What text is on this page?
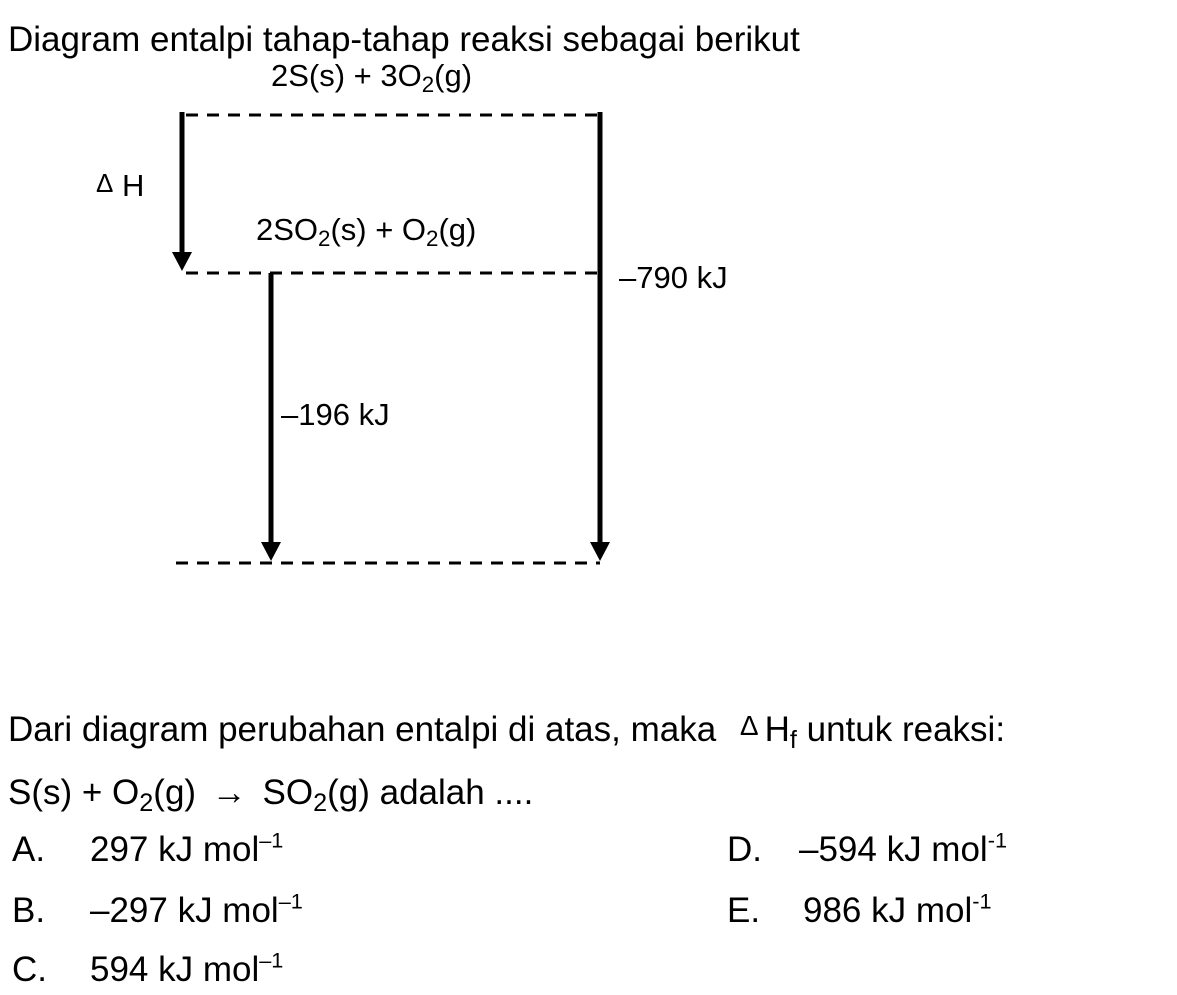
Diagram entalpi tahap-tahap reaksi sebagai berikut
$2S(s) + 3O_2(g)$
Δ H
$2SO_2(s) + O_2(g)$
–790 kJ
–196 kJ
Dari diagram perubahan entalpi di atas, maka Δ $H_f$ untuk reaksi:
$S(s) + O_2(g) \to SO_2(g)$ adalah ....
A. 297 kJ mol$^{-1}$
B. –297 kJ mol$^{-1}$
C. 594 kJ mol$^{-1}$
D. –594 kJ mol$^{-1}$
E. 986 kJ mol$^{-1}$
